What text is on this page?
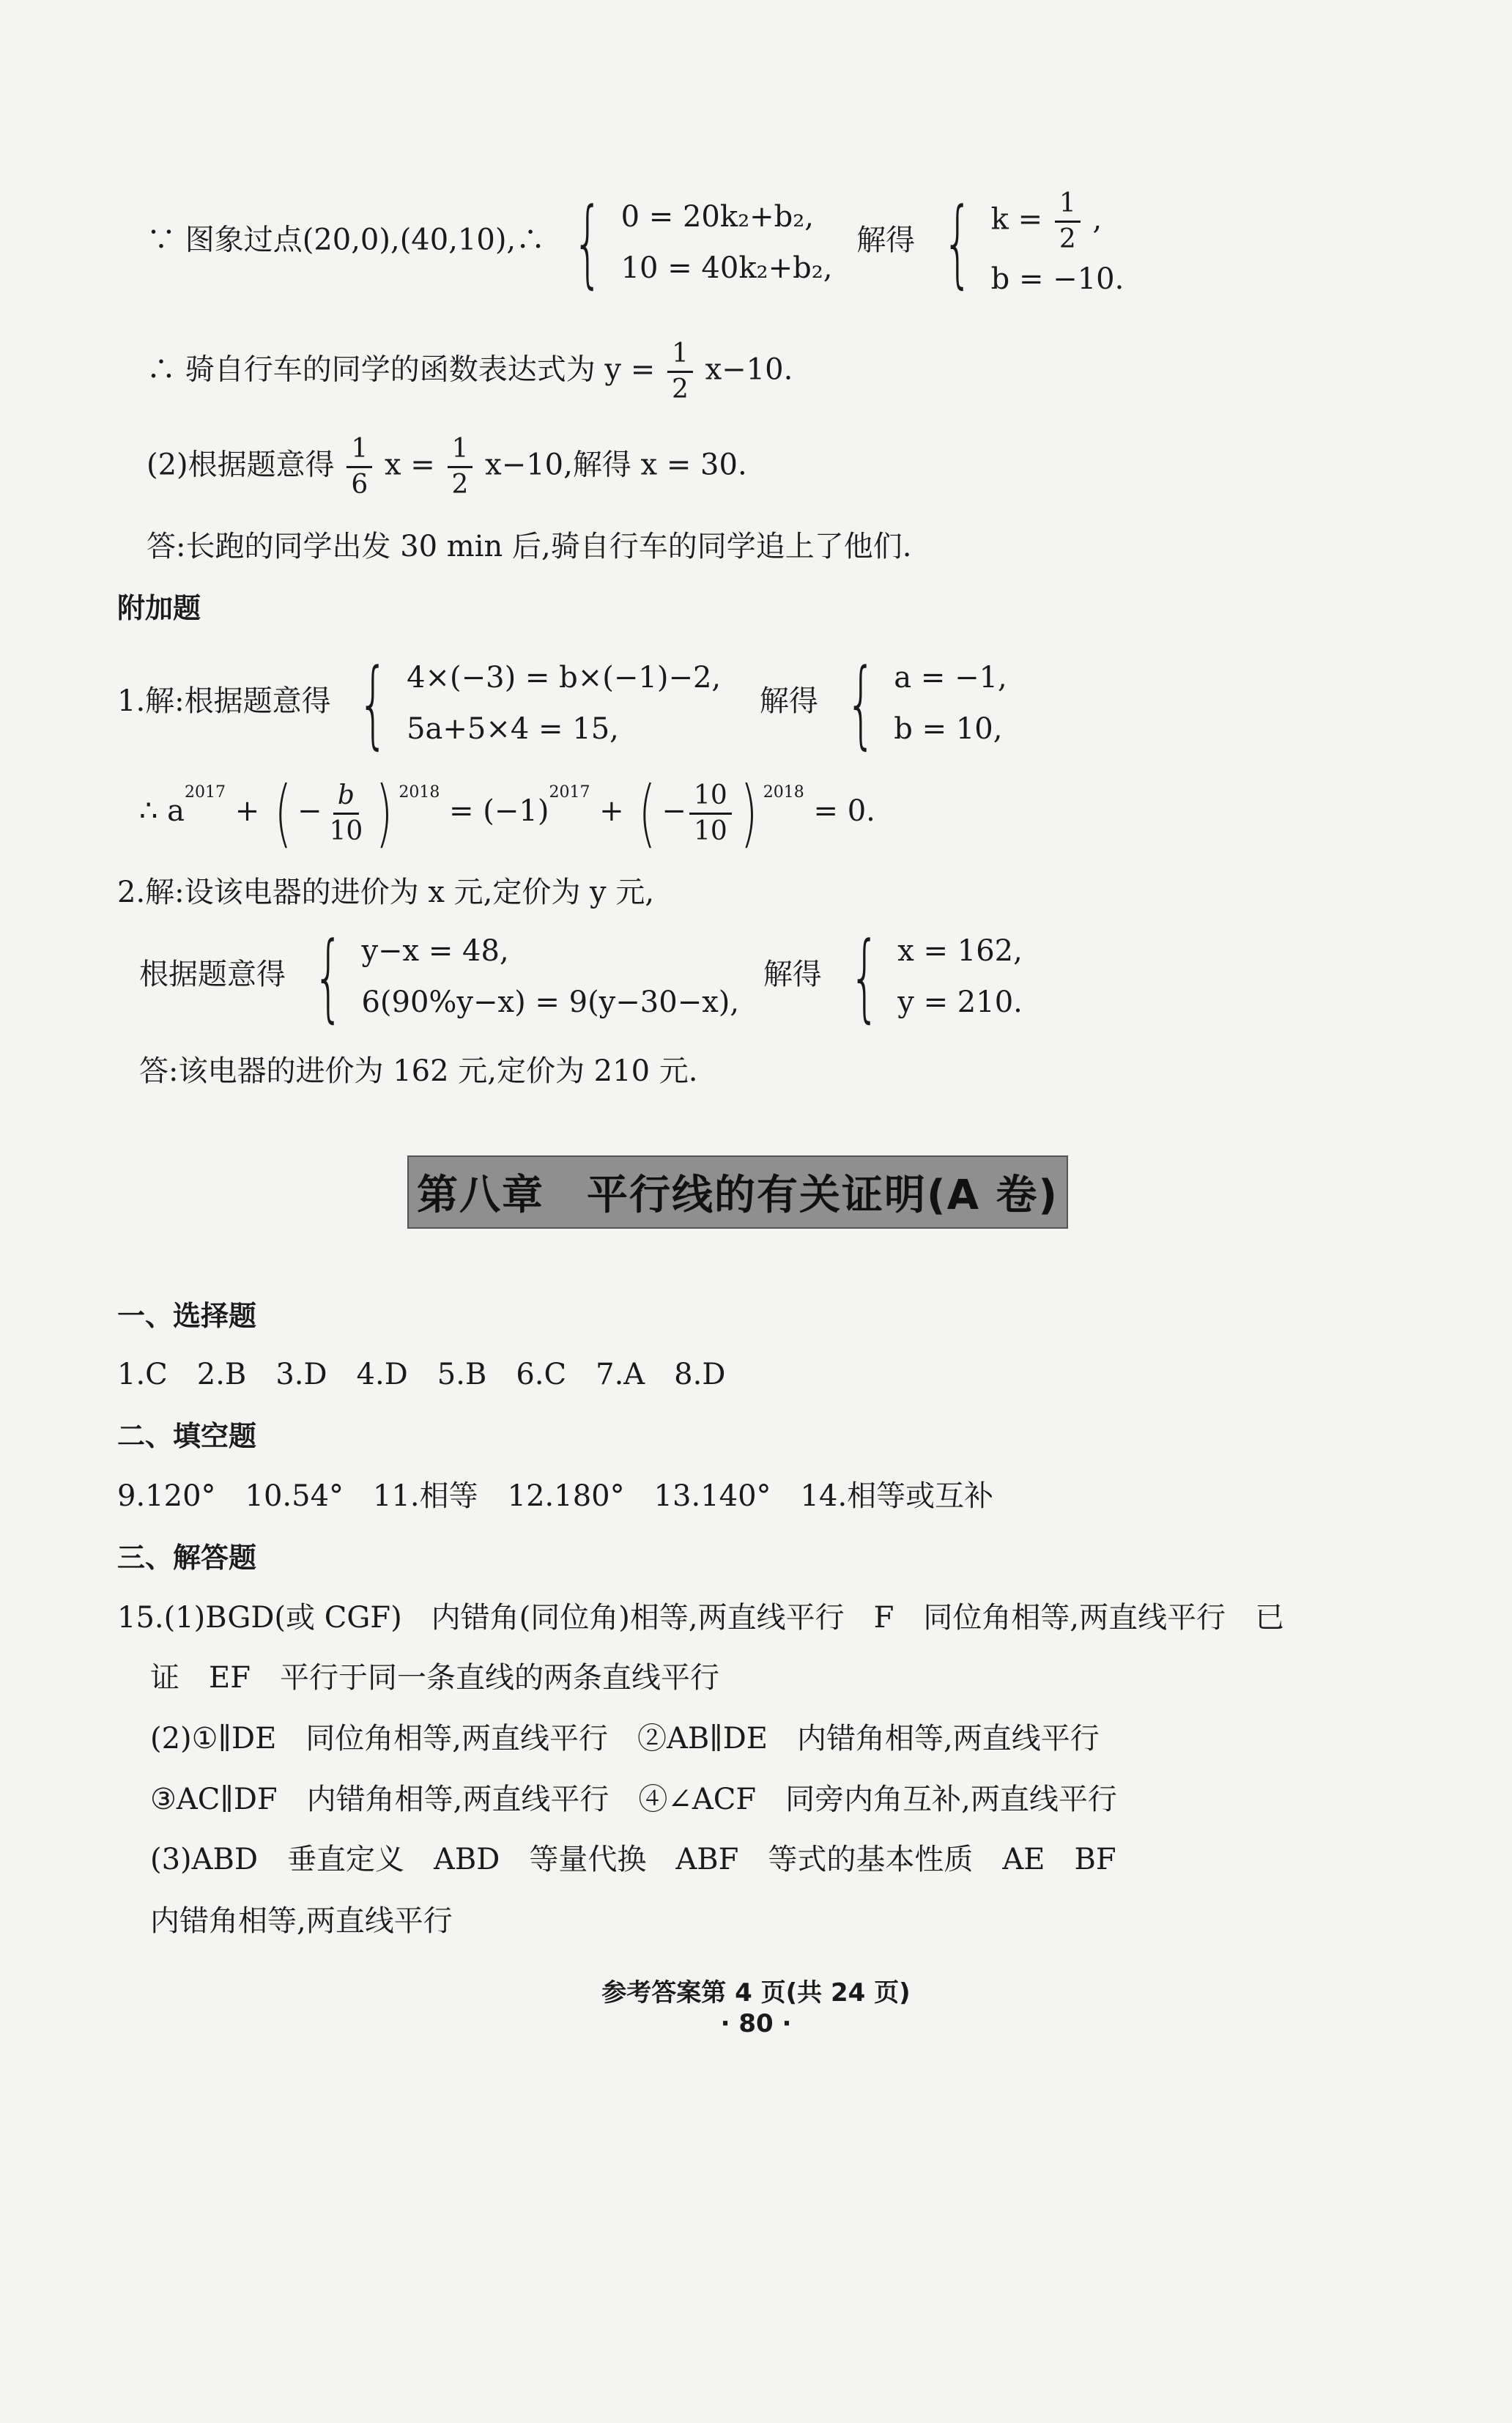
∵ 图象过点(20,0),(40,10),∴ { 0 = 20k₂+b₂,
10 = 40k₂+b₂,
解得 { $k = \frac{1}{2}$ ,
b = −10.
∴ 骑自行车的同学的函数表达式为 $y = \frac{1}{2} x-10$.
(2)根据题意得 $\frac{1}{6}$ $x = \frac{1}{2} x-10$,解得 x = 30.
答:长跑的同学出发 30 min 后,骑自行车的同学追上了他们.
附加题
1.解:根据题意得 { 4×(−3) = b×(−1)−2,
5a+5×4 = 15,
解得 { a = −1,
b = 10,
∴ $a^{2017}$ + ( − $\frac{b}{10}$ ) $^{2018} = (-1)^{2017}$ + ( − $\frac{10}{10}$ ) $^{2018}$ = 0.
2.解:设该电器的进价为 x 元,定价为 y 元,
根据题意得 { y−x = 48,
6(90%y−x) = 9(y−30−x),
解得 { x = 162,
y = 210.
答:该电器的进价为 162 元,定价为 210 元.
第八章　平行线的有关证明(A 卷)
一、选择题
1.C　2.B　3.D　4.D　5.B　6.C　7.A　8.D
二、填空题
9.120°　10.54°　11.相等　12.180°　13.140°　14.相等或互补
三、解答题
15.(1)BGD(或 CGF)　内错角(同位角)相等,两直线平行　F　同位角相等,两直线平行　已
证　EF　平行于同一条直线的两条直线平行
(2)①∥DE　同位角相等,两直线平行　②AB∥DE　内错角相等,两直线平行
③AC∥DF　内错角相等,两直线平行　④∠ACF　同旁内角互补,两直线平行
(3)ABD　垂直定义　ABD　等量代换　ABF　等式的基本性质　AE　BF
内错角相等,两直线平行
参考答案第 4 页(共 24 页)
· 80 ·
